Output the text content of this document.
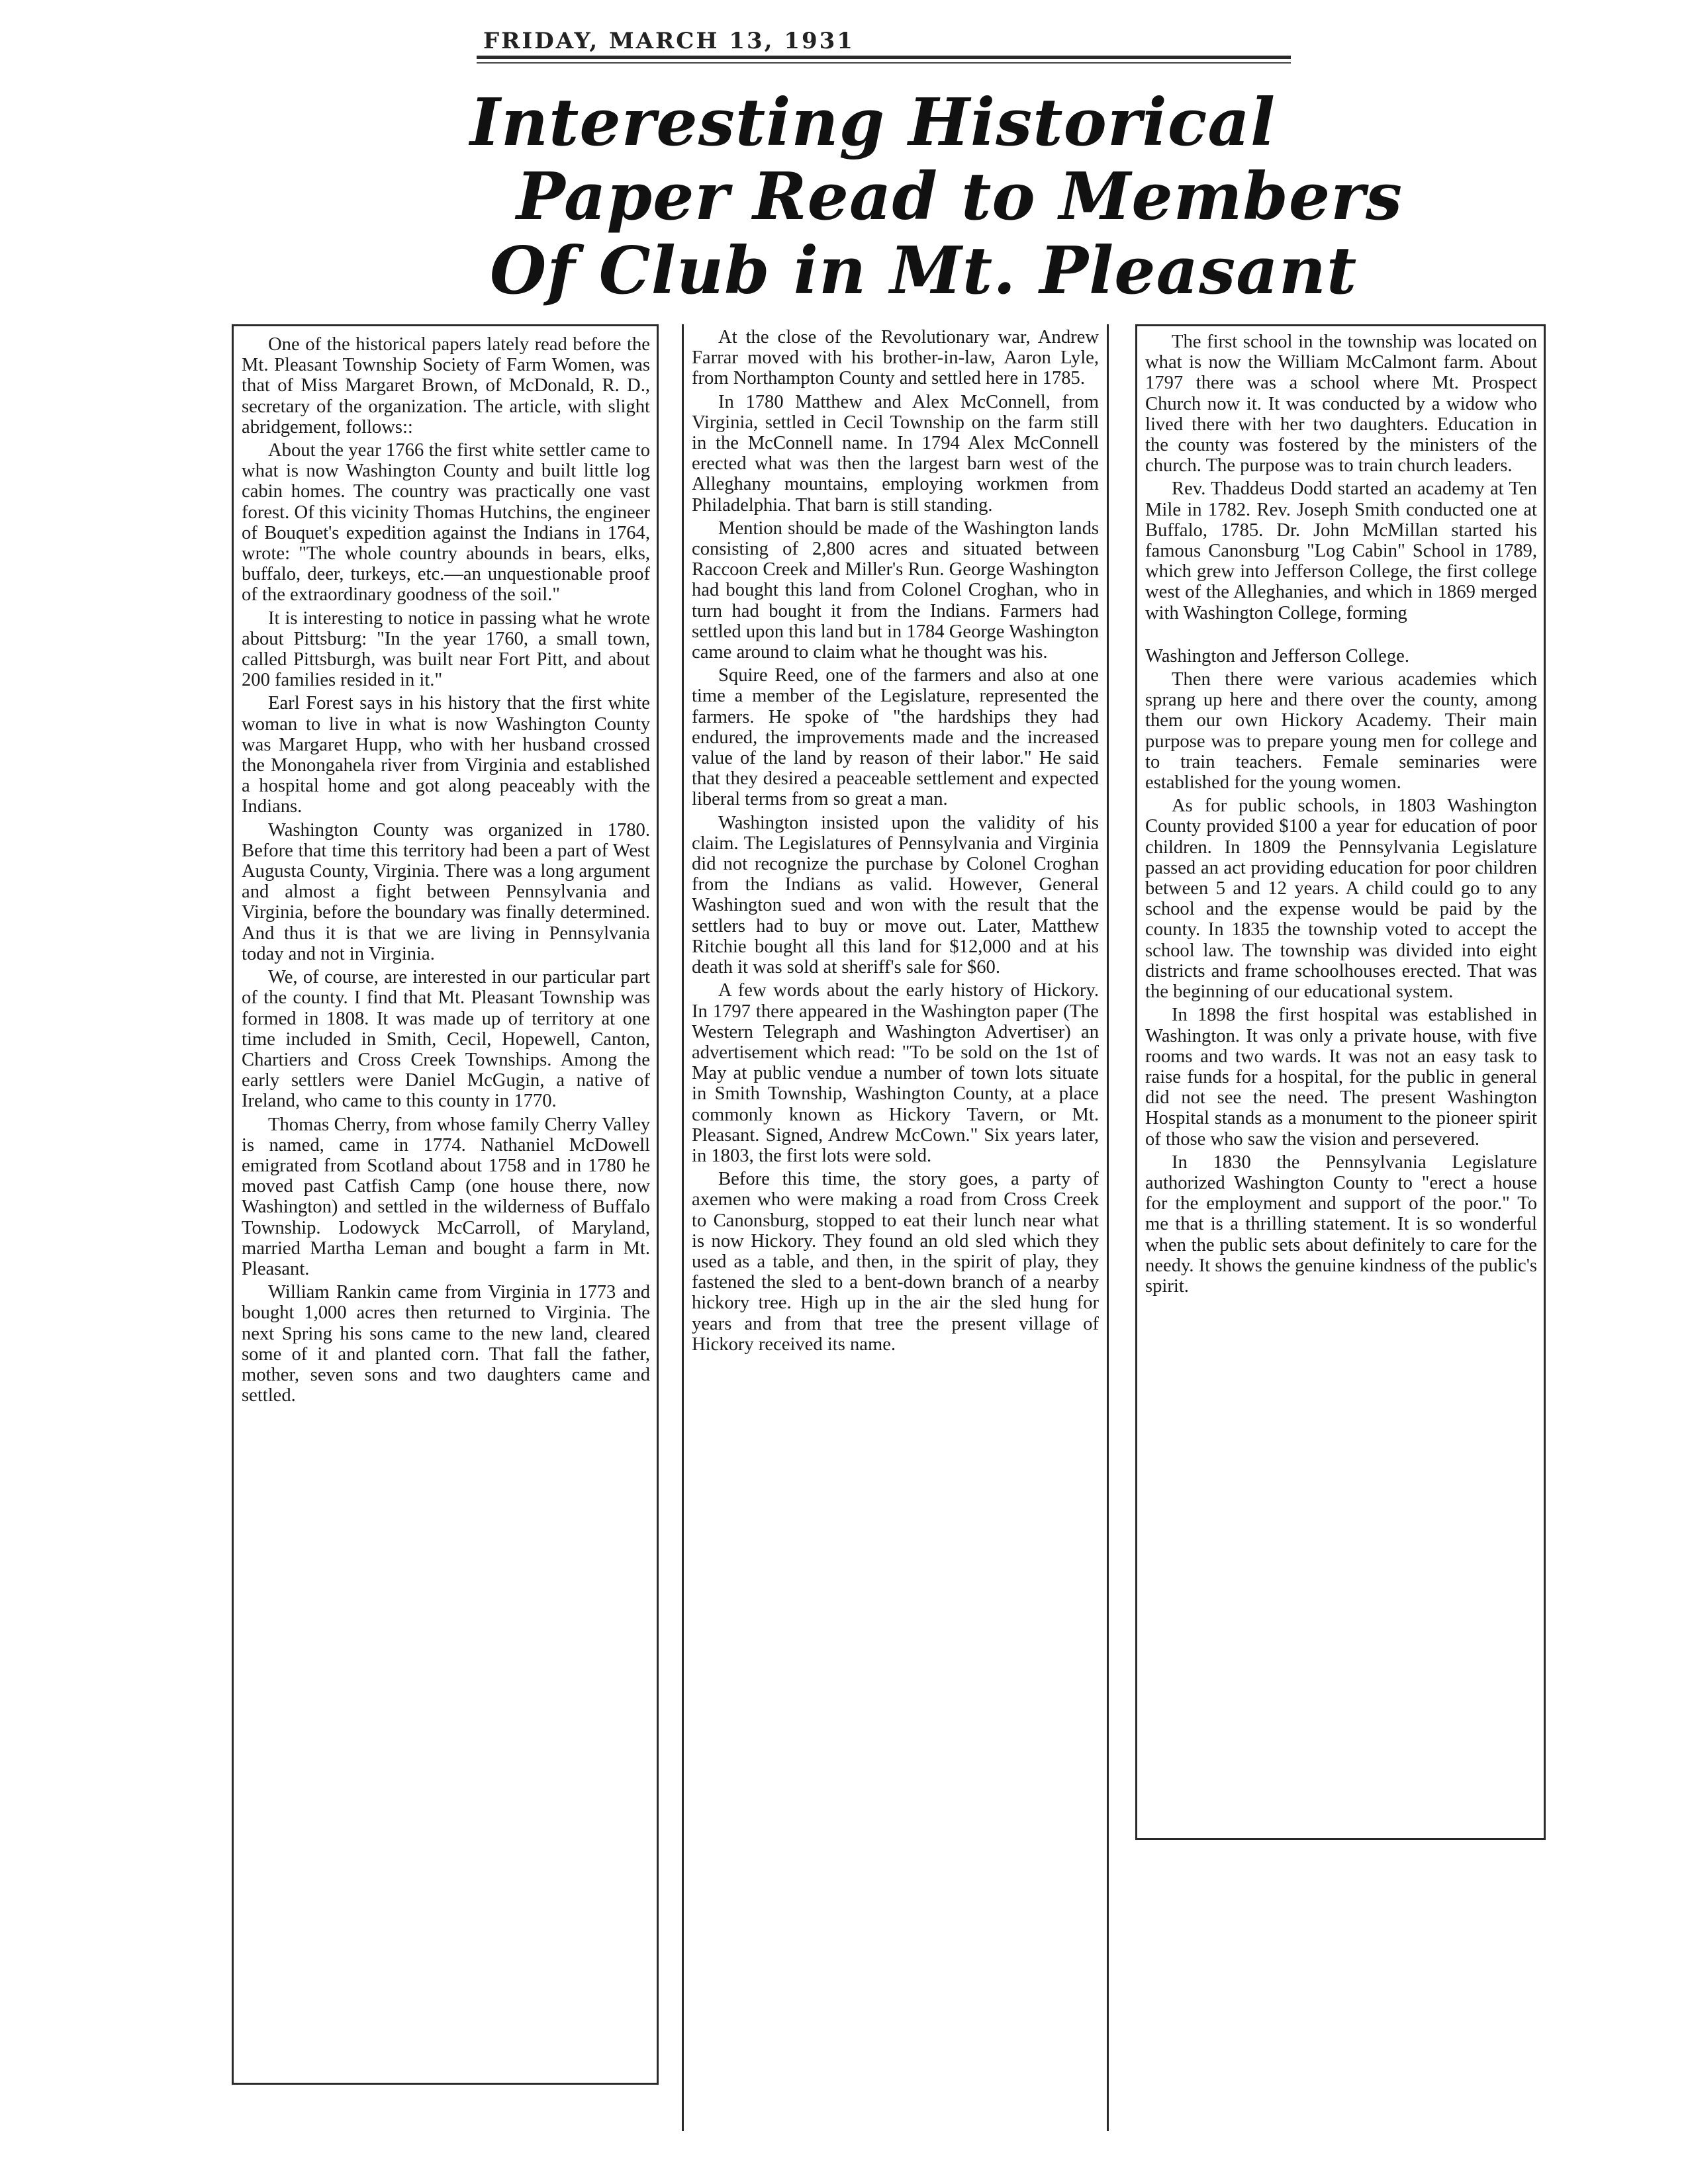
FRIDAY, MARCH 13, 1931
Interesting Historical
Paper Read to Members
Of Club in Mt. Pleasant

One of the historical papers lately read before the Mt. Pleasant Township Society of Farm Women, was that of Miss Margaret Brown, of McDonald, R. D., secretary of the organization. The article, with slight abridgement, follows::

About the year 1766 the first white settler came to what is now Washington County and built little log cabin homes. The country was practically one vast forest. Of this vicinity Thomas Hutchins, the engineer of Bouquet's expedition against the Indians in 1764, wrote: "The whole country abounds in bears, elks, buffalo, deer, turkeys, etc.—an unquestionable proof of the extraordinary goodness of the soil."

It is interesting to notice in passing what he wrote about Pittsburg: "In the year 1760, a small town, called Pittsburgh, was built near Fort Pitt, and about 200 families resided in it."

Earl Forest says in his history that the first white woman to live in what is now Washington County was Margaret Hupp, who with her husband crossed the Monongahela river from Virginia and established a hospital home and got along peaceably with the Indians.

Washington County was organized in 1780. Before that time this territory had been a part of West Augusta County, Virginia. There was a long argument and almost a fight between Pennsylvania and Virginia, before the boundary was finally determined. And thus it is that we are living in Pennsylvania today and not in Virginia.

We, of course, are interested in our particular part of the county. I find that Mt. Pleasant Township was formed in 1808. It was made up of territory at one time included in Smith, Cecil, Hopewell, Canton, Chartiers and Cross Creek Townships. Among the early settlers were Daniel McGugin, a native of Ireland, who came to this county in 1770.

Thomas Cherry, from whose family Cherry Valley is named, came in 1774. Nathaniel McDowell emigrated from Scotland about 1758 and in 1780 he moved past Catfish Camp (one house there, now Washington) and settled in the wilderness of Buffalo Township. Lodowyck McCarroll, of Maryland, married Martha Leman and bought a farm in Mt. Pleasant.

William Rankin came from Virginia in 1773 and bought 1,000 acres then returned to Virginia. The next Spring his sons came to the new land, cleared some of it and planted corn. That fall the father, mother, seven sons and two daughters came and settled.

At the close of the Revolutionary war, Andrew Farrar moved with his brother-in-law, Aaron Lyle, from Northampton County and settled here in 1785.

In 1780 Matthew and Alex McConnell, from Virginia, settled in Cecil Township on the farm still in the McConnell name. In 1794 Alex McConnell erected what was then the largest barn west of the Alleghany mountains, employing workmen from Philadelphia. That barn is still standing.

Mention should be made of the Washington lands consisting of 2,800 acres and situated between Raccoon Creek and Miller's Run. George Washington had bought this land from Colonel Croghan, who in turn had bought it from the Indians. Farmers had settled upon this land but in 1784 George Washington came around to claim what he thought was his.

Squire Reed, one of the farmers and also at one time a member of the Legislature, represented the farmers. He spoke of "the hardships they had endured, the improvements made and the increased value of the land by reason of their labor." He said that they desired a peaceable settlement and expected liberal terms from so great a man.

Washington insisted upon the validity of his claim. The Legislatures of Pennsylvania and Virginia did not recognize the purchase by Colonel Croghan from the Indians as valid. However, General Washington sued and won with the result that the settlers had to buy or move out. Later, Matthew Ritchie bought all this land for $12,000 and at his death it was sold at sheriff's sale for $60.

A few words about the early history of Hickory. In 1797 there appeared in the Washington paper (The Western Telegraph and Washington Advertiser) an advertisement which read: "To be sold on the 1st of May at public vendue a number of town lots situate in Smith Township, Washington County, at a place commonly known as Hickory Tavern, or Mt. Pleasant. Signed, Andrew McCown." Six years later, in 1803, the first lots were sold.

Before this time, the story goes, a party of axemen who were making a road from Cross Creek to Canonsburg, stopped to eat their lunch near what is now Hickory. They found an old sled which they used as a table, and then, in the spirit of play, they fastened the sled to a bent-down branch of a nearby hickory tree. High up in the air the sled hung for years and from that tree the present village of Hickory received its name.

The first school in the township was located on what is now the William McCalmont farm. About 1797 there was a school where Mt. Prospect Church now it. It was conducted by a widow who lived there with her two daughters. Education in the county was fostered by the ministers of the church. The purpose was to train church leaders.

Rev. Thaddeus Dodd started an academy at Ten Mile in 1782. Rev. Joseph Smith conducted one at Buffalo, 1785. Dr. John McMillan started his famous Canonsburg "Log Cabin" School in 1789, which grew into Jefferson College, the first college west of the Alleghanies, and which in 1869 merged with Washington College, forming

Washington and Jefferson College.

Then there were various academies which sprang up here and there over the county, among them our own Hickory Academy. Their main purpose was to prepare young men for college and to train teachers. Female seminaries were established for the young women.

As for public schools, in 1803 Washington County provided $100 a year for education of poor children. In 1809 the Pennsylvania Legislature passed an act providing education for poor children between 5 and 12 years. A child could go to any school and the expense would be paid by the county. In 1835 the township voted to accept the school law. The township was divided into eight districts and frame schoolhouses erected. That was the beginning of our educational system.

In 1898 the first hospital was established in Washington. It was only a private house, with five rooms and two wards. It was not an easy task to raise funds for a hospital, for the public in general did not see the need. The present Washington Hospital stands as a monument to the pioneer spirit of those who saw the vision and persevered.

In 1830 the Pennsylvania Legislature authorized Washington County to "erect a house for the employment and support of the poor." To me that is a thrilling statement. It is so wonderful when the public sets about definitely to care for the needy. It shows the genuine kindness of the public's spirit.
